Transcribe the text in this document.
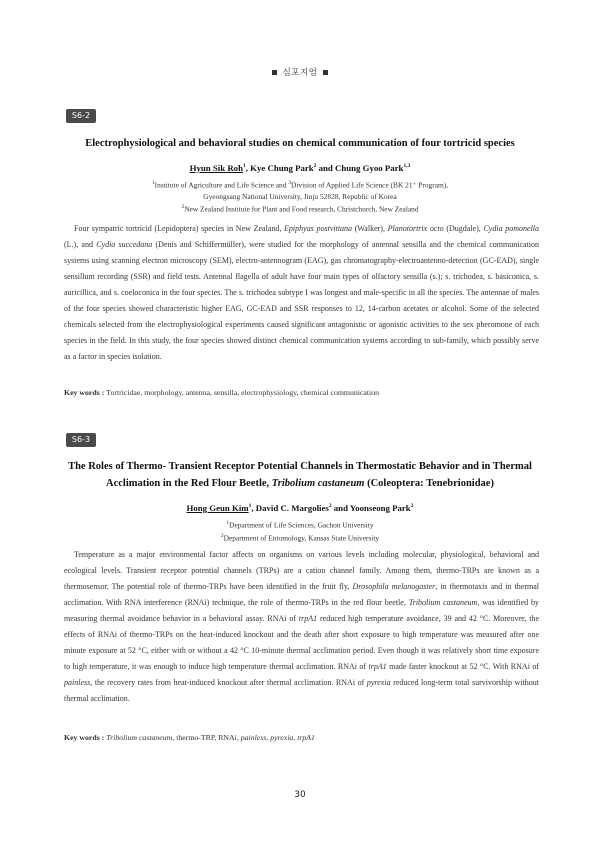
심포지엄
S6-2
Electrophysiological and behavioral studies on chemical communication of four tortricid species
Hyun Sik Roh$^1$, Kye Chung Park$^2$ and Chung Gyoo Park$^{1,3}$
$^1$Institute of Agriculture and Life Science and $^3$Division of Applied Life Science (BK 21⁺ Program),
Gyeongsang National University, Jinju 52828, Republic of Korea
$^2$New Zealand Institute for Plant and Food research, Christchurch, New Zealand

Four sympatric tortricid (Lepidoptera) species in New Zealand, Epiphyas postvittana (Walker), Planotortrix octo (Dugdale), Cydia pomonella (L.), and Cydia succedana (Denis and Schiffermüller), were studied for the morphology of antennal sensilla and the chemical communication systems using scanning electron microscopy (SEM), electro-antennogram (EAG), gas chromatography-electroantenno-detection (GC-EAD), single sensillum recording (SSR) and field tests. Antennal flagella of adult have four main types of olfactory sensilla (s.); s. trichodea, s. basiconica, s. auricillica, and s. coeloconica in the four species. The s. trichodea subtype I was longest and male-specific in all the species. The antennae of males of the four species showed characteristic higher EAG, GC-EAD and SSR responses to 12, 14-carbon acetates or alcohol. Some of the selected chemicals selected from the electrophysiological experiments caused significant antagonistic or agonistic activities to the sex pheromone of each species in the field. In this study, the four species showed distinct chemical communication systems according to sub-family, which possibly serve as a factor in species isolation.

Key words : Tortricidae, morphology, antenna, sensilla, electrophysiology, chemical communication
S6-3
The Roles of Thermo- Transient Receptor Potential Channels in Thermostatic Behavior and in Thermal Acclimation in the Red Flour Beetle, Tribolium castaneum (Coleoptera: Tenebrionidae)
Hong Geun Kim$^1$, David C. Margolies$^2$ and Yoonseong Park$^2$
$^1$Department of Life Sciences, Gachon University
$^2$Department of Entomology, Kansas State University

Temperature as a major environmental factor affects on organisms on various levels including molecular, physiological, behavioral and ecological levels. Transient receptor potential channels (TRPs) are a cation channel family. Among them, thermo-TRPs are known as a thermosensor. The potential role of thermo-TRPs have been identified in the fruit fly, Drosophila melanogaster, in thermotaxis and in thermal acclimation. With RNA interference (RNAi) technique, the role of thermo-TRPs in the red flour beetle, Tribolium castaneum, was identified by measuring thermal avoidance behavior in a behavioral assay. RNAi of trpA1 reduced high temperature avoidance, 39 and 42 °C. Moreover, the effects of RNAi of thermo-TRPs on the heat-induced knockout and the death after short exposure to high temperature was measured after one minute exposure at 52 °C, either with or without a 42 °C 10-minute thermal acclimation period. Even though it was relatively short time exposure to high temperature, it was enough to induce high temperature thermal acclimation. RNAi of trpA1 made faster knockout at 52 °C. With RNAi of painless, the recovery rates from heat-induced knockout after thermal acclimation. RNAi of pyrexia reduced long-term total survivorship without thermal acclimation.

Key words : Tribolium castaneum, thermo-TRP, RNAi, painless, pyrexia, trpA1
30
